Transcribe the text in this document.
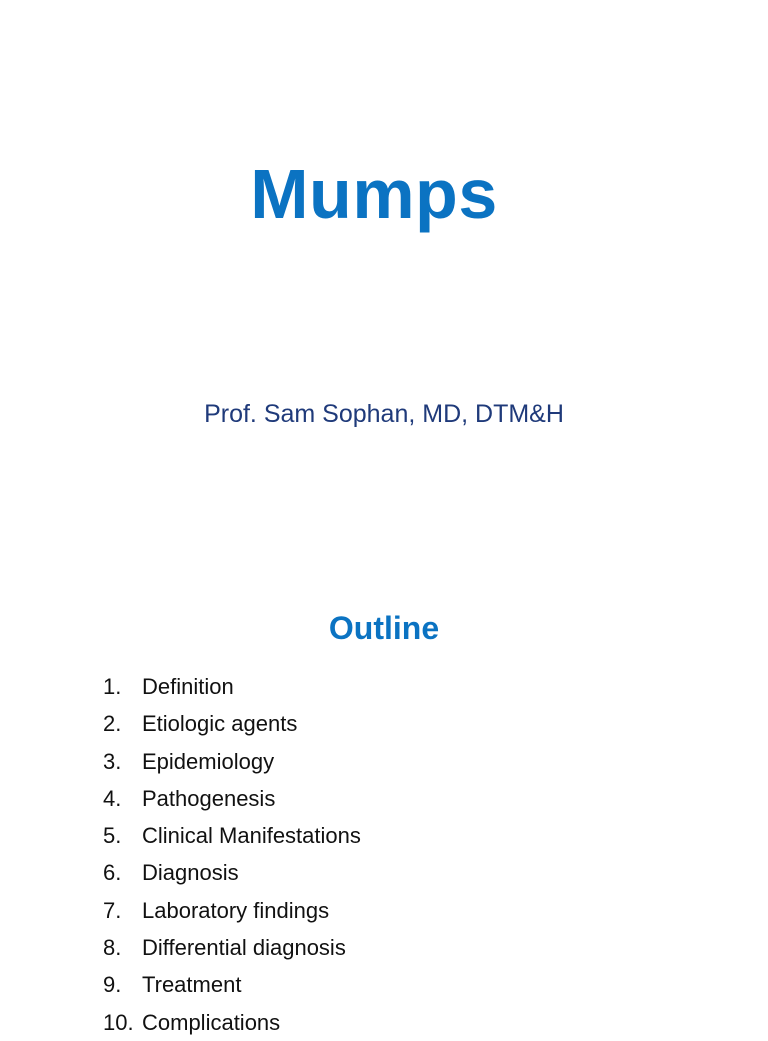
Mumps
Prof. Sam Sophan, MD, DTM&H
Outline
1. Definition
2. Etiologic agents
3. Epidemiology
4. Pathogenesis
5. Clinical Manifestations
6. Diagnosis
7. Laboratory findings
8. Differential diagnosis
9. Treatment
10. Complications
